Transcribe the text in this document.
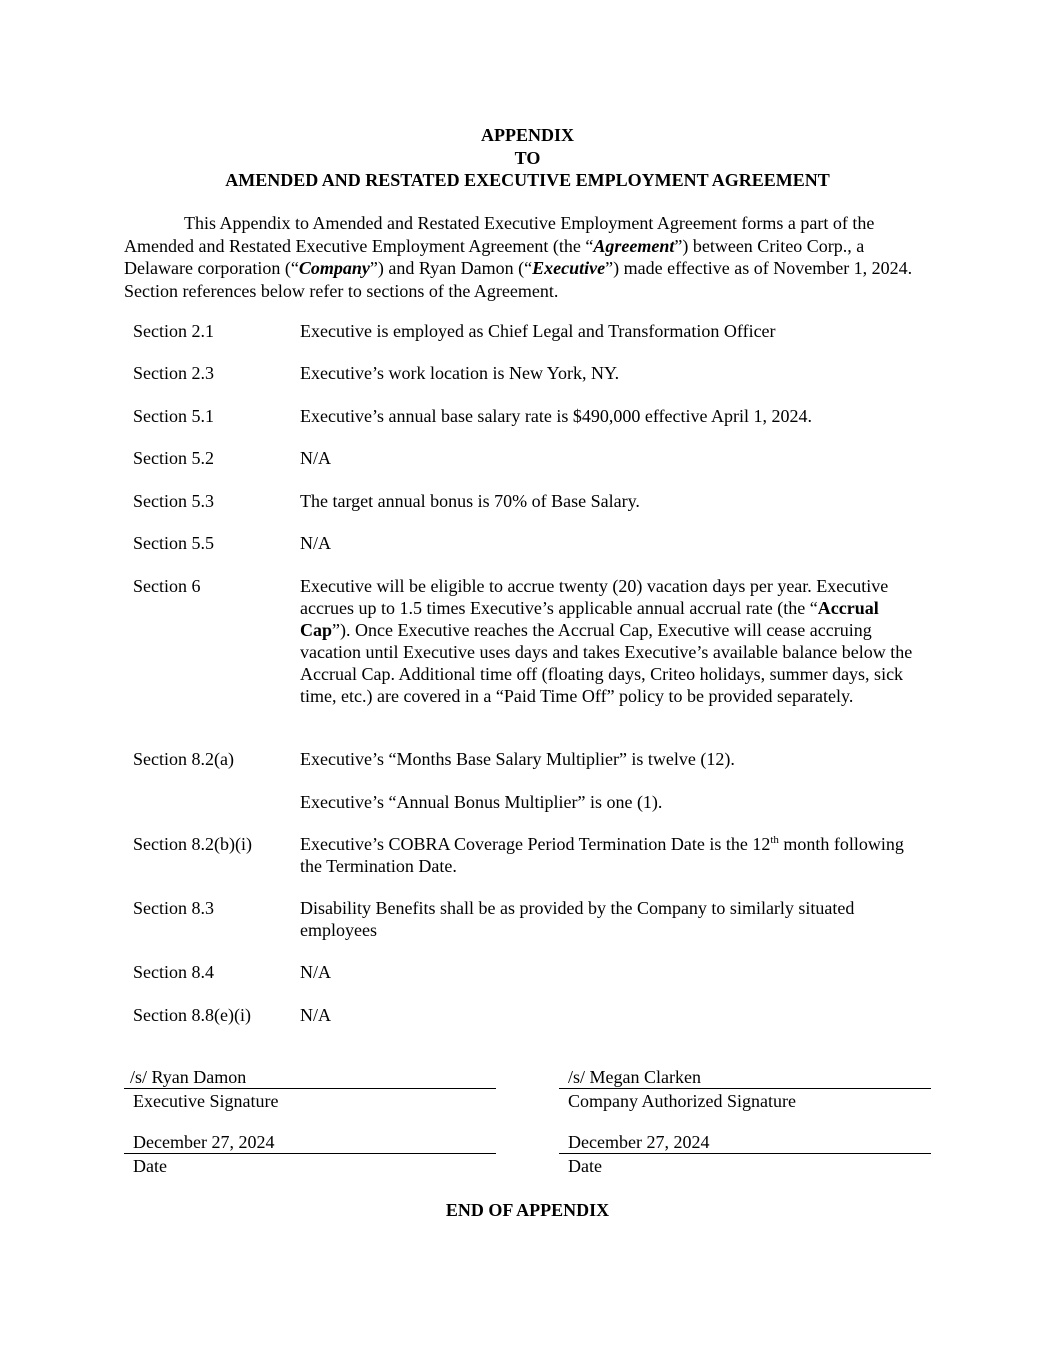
APPENDIX
TO
AMENDED AND RESTATED EXECUTIVE EMPLOYMENT AGREEMENT
This Appendix to Amended and Restated Executive Employment Agreement forms a part of the Amended and Restated Executive Employment Agreement (the “Agreement”) between Criteo Corp., a Delaware corporation (“Company”) and Ryan Damon (“Executive”) made effective as of November 1, 2024. Section references below refer to sections of the Agreement.
Section 2.1	Executive is employed as Chief Legal and Transformation Officer
Section 2.3	Executive’s work location is New York, NY.
Section 5.1	Executive’s annual base salary rate is $490,000 effective April 1, 2024.
Section 5.2	N/A
Section 5.3	The target annual bonus is 70% of Base Salary.
Section 5.5	N/A
Section 6	Executive will be eligible to accrue twenty (20) vacation days per year. Executive accrues up to 1.5 times Executive’s applicable annual accrual rate (the “Accrual Cap”). Once Executive reaches the Accrual Cap, Executive will cease accruing vacation until Executive uses days and takes Executive’s available balance below the Accrual Cap. Additional time off (floating days, Criteo holidays, summer days, sick time, etc.) are covered in a “Paid Time Off” policy to be provided separately.
Section 8.2(a)	Executive’s “Months Base Salary Multiplier” is twelve (12).
Executive’s “Annual Bonus Multiplier” is one (1).
Section 8.2(b)(i)	Executive’s COBRA Coverage Period Termination Date is the 12th month following the Termination Date.
Section 8.3	Disability Benefits shall be as provided by the Company to similarly situated employees
Section 8.4	N/A
Section 8.8(e)(i)	N/A
/s/ Ryan Damon
Executive Signature
December 27, 2024
Date
/s/ Megan Clarken
Company Authorized Signature
December 27, 2024
Date
END OF APPENDIX
